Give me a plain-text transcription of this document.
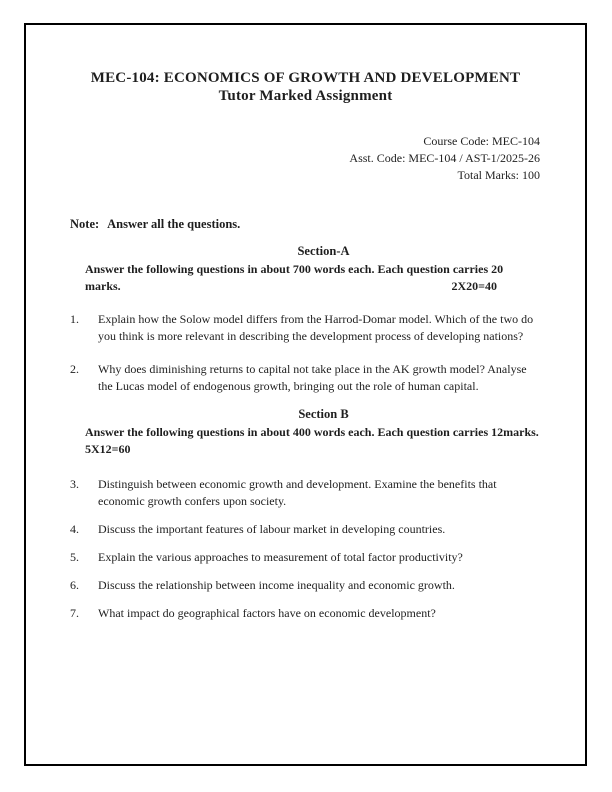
MEC-104: ECONOMICS OF GROWTH AND DEVELOPMENT
Tutor Marked Assignment
Course Code: MEC-104
Asst. Code: MEC-104 / AST-1/2025-26
Total Marks: 100
Note: Answer all the questions.
Section-A
Answer the following questions in about 700 words each. Each question carries 20
marks.	2X20=40
1.	Explain how the Solow model differs from the Harrod-Domar model. Which of the two do
you think is more relevant in describing the development process of developing nations?
2.	Why does diminishing returns to capital not take place in the AK growth model? Analyse
the Lucas model of endogenous growth, bringing out the role of human capital.
Section B
Answer the following questions in about 400 words each. Each question carries 12marks.
5X12=60
3.	Distinguish between economic growth and development. Examine the benefits that
economic growth confers upon society.
4.	Discuss the important features of labour market in developing countries.
5.	Explain the various approaches to measurement of total factor productivity?
6.	Discuss the relationship between income inequality and economic growth.
7.	What impact do geographical factors have on economic development?
